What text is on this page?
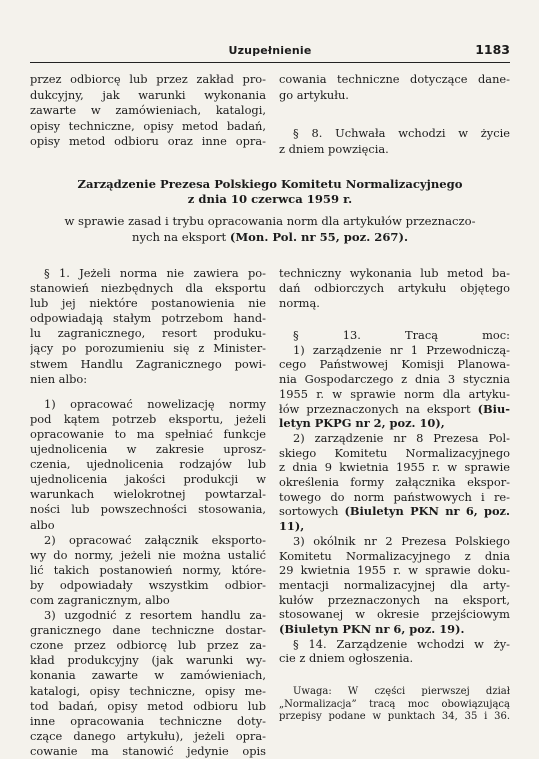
Uzupełnienie	1183
przez odbiorcę lub przez zakład pro-
dukcyjny, jak warunki wykonania
zawarte w zamówieniach, katalogi,
opisy techniczne, opisy metod badań,
opisy metod odbioru oraz inne opra-
cowania techniczne dotyczące dane-
go artykułu.
§ 8. Uchwała wchodzi w życie
z dniem powzięcia.
Zarządzenie Prezesa Polskiego Komitetu Normalizacyjnego
z dnia 10 czerwca 1959 r.
w sprawie zasad i trybu opracowania norm dla artykułów przeznaczo-
nych na eksport (Mon. Pol. nr 55, poz. 267).
§ 1. Jeżeli norma nie zawiera po-
stanowień niezbędnych dla eksportu
lub jej niektóre postanowienia nie
odpowiadają stałym potrzebom hand-
lu zagranicznego, resort produku-
jący po porozumieniu się z Minister-
stwem Handlu Zagranicznego powi-
nien albo:
1) opracować nowelizację normy
pod kątem potrzeb eksportu, jeżeli
opracowanie to ma spełniać funkcje
ujednolicenia w zakresie uprosz-
czenia, ujednolicenia rodzajów lub
ujednolicenia jakości produkcji w
warunkach wielokrotnej powtarzal-
ności lub powszechności stosowania,
albo
2) opracować załącznik eksporto-
wy do normy, jeżeli nie można ustalić
lić takich postanowień normy, które-
by odpowiadały wszystkim odbior-
com zagranicznym, albo
3) uzgodnić z resortem handlu za-
granicznego dane techniczne dostar-
czone przez odbiorcę lub przez za-
kład produkcyjny (jak warunki wy-
konania zawarte w zamówieniach,
katalogi, opisy techniczne, opisy me-
tod badań, opisy metod odbioru lub
inne opracowania techniczne doty-
czące danego artykułu), jeżeli opra-
cowanie ma stanowić jedynie opis
techniczny wykonania lub metod ba-
dań odbiorczych artykułu objętego
normą.
§ 13. Tracą moc:
1) zarządzenie nr 1 Przewodniczą-
cego Państwowej Komisji Planowa-
nia Gospodarczego z dnia 3 stycznia
1955 r. w sprawie norm dla artyku-
łów przeznaczonych na eksport (Biu-
letyn PKPG nr 2, poz. 10),
2) zarządzenie nr 8 Prezesa Pol-
skiego Komitetu Normalizacyjnego
z dnia 9 kwietnia 1955 r. w sprawie
określenia formy załącznika ekspor-
towego do norm państwowych i re-
sortowych (Biuletyn PKN nr 6, poz.
11),
3) okólnik nr 2 Prezesa Polskiego
Komitetu Normalizacyjnego z dnia
29 kwietnia 1955 r. w sprawie doku-
mentacji normalizacyjnej dla arty-
kułów przeznaczonych na eksport,
stosowanej w okresie przejściowym
(Biuletyn PKN nr 6, poz. 19).
§ 14. Zarządzenie wchodzi w ży-
cie z dniem ogłoszenia.
Uwaga: W części pierwszej dział
„Normalizacja” tracą moc obowiązującą
przepisy podane w punktach 34, 35 i 36.
